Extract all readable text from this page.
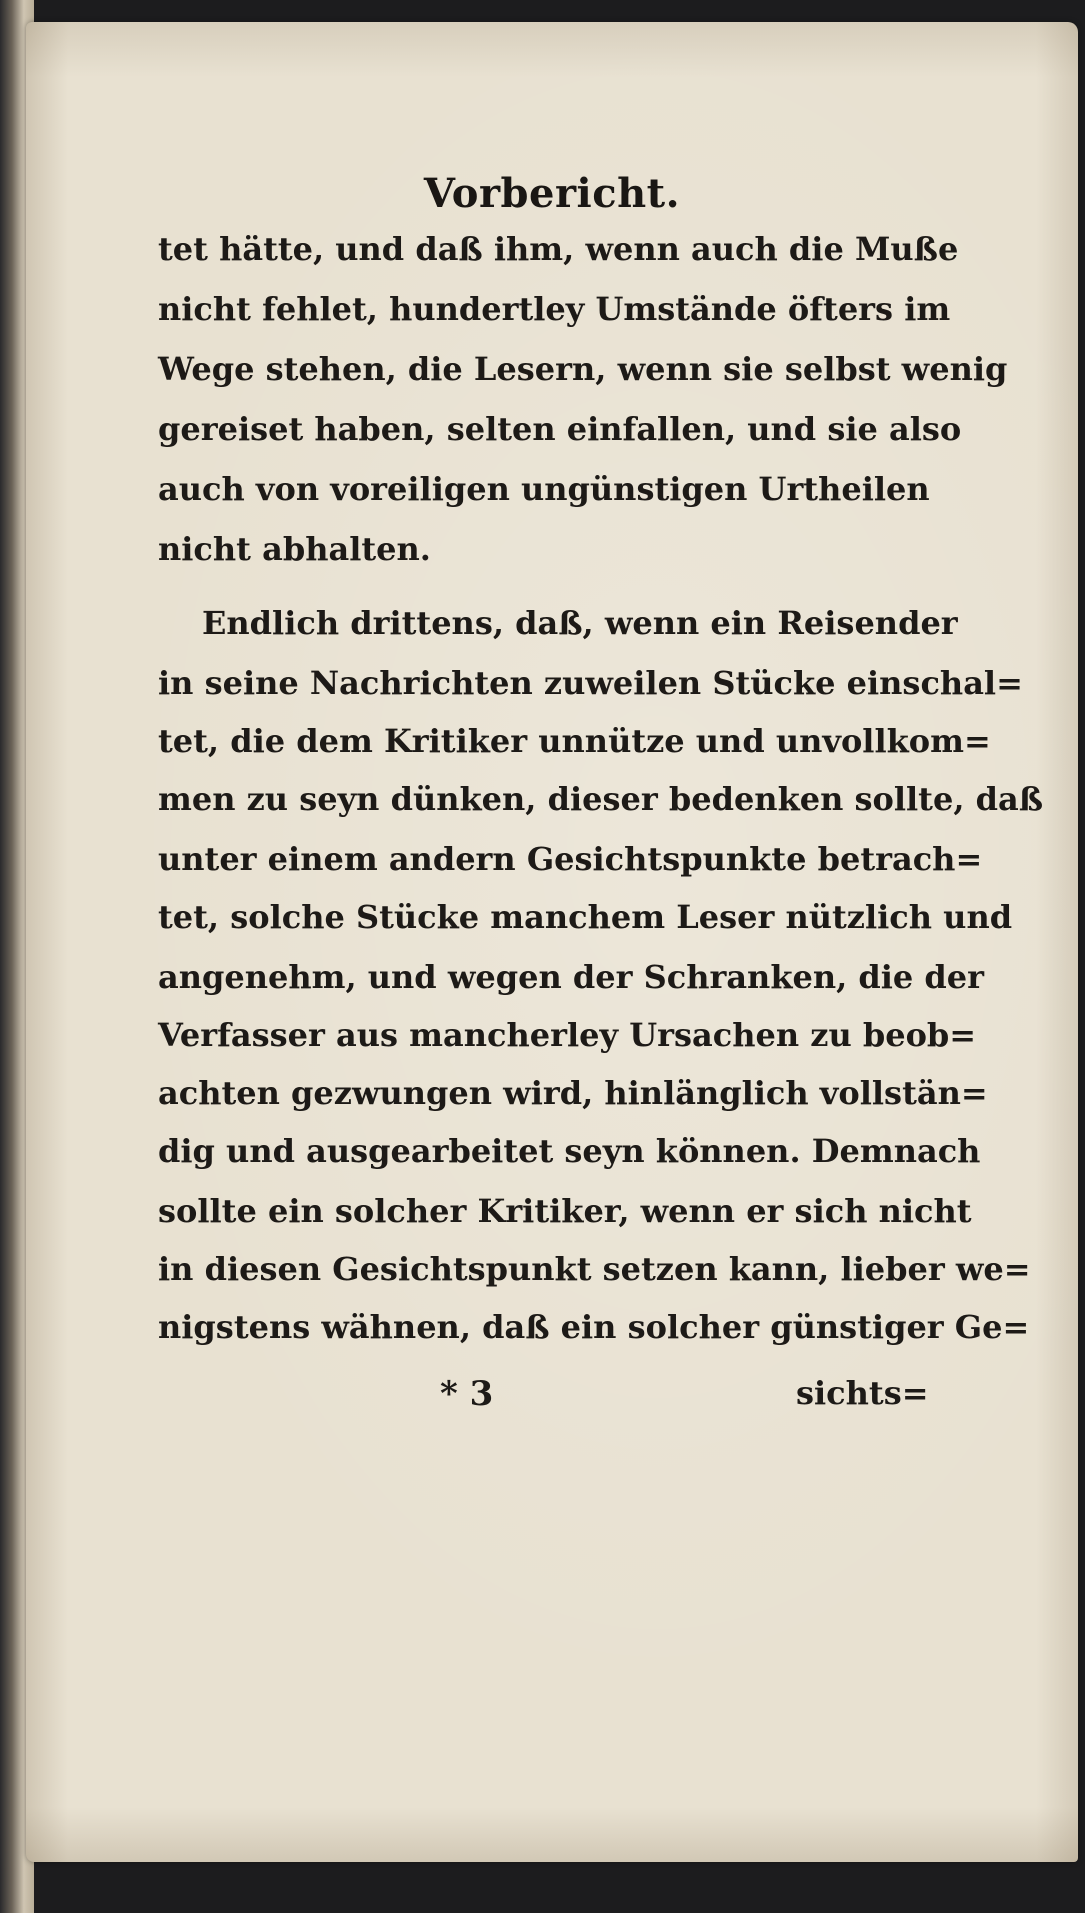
Vorbericht.
tet hätte, und daß ihm, wenn auch die Muße
nicht fehlet, hundertley Umstände öfters im
Wege stehen, die Lesern, wenn sie selbst wenig
gereiset haben, selten einfallen, und sie also
auch von voreiligen ungünstigen Urtheilen
nicht abhalten.
Endlich drittens, daß, wenn ein Reisender
in seine Nachrichten zuweilen Stücke einschal=
tet, die dem Kritiker unnütze und unvollkom=
men zu seyn dünken, dieser bedenken sollte, daß
unter einem andern Gesichtspunkte betrach=
tet, solche Stücke manchem Leser nützlich und
angenehm, und wegen der Schranken, die der
Verfasser aus mancherley Ursachen zu beob=
achten gezwungen wird, hinlänglich vollstän=
dig und ausgearbeitet seyn können. Demnach
sollte ein solcher Kritiker, wenn er sich nicht
in diesen Gesichtspunkt setzen kann, lieber we=
nigstens wähnen, daß ein solcher günstiger Ge=
* 3	sichts=
